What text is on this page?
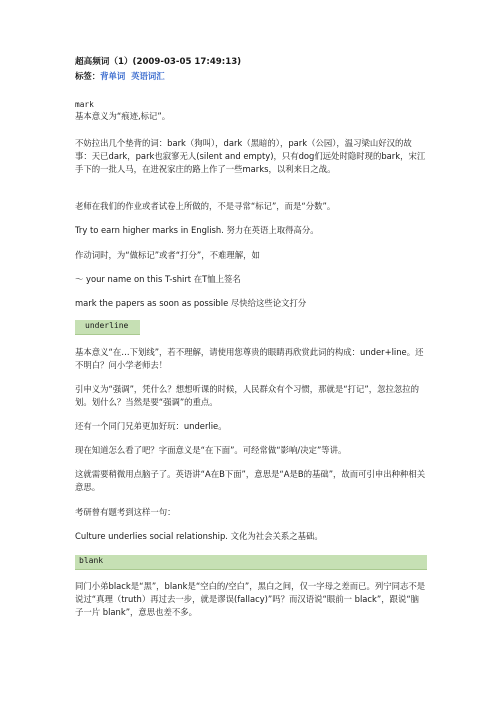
超高频词（1）(2009-03-05 17:49:13)
标签：背单词 英语词汇
mark
基本意义为“痕迹,标记”。
不妨拉出几个垫背的词：bark（狗叫），dark（黑暗的），park（公园），温习梁山好汉的故事：天已dark，park也寂寥无人(silent and empty)，只有dog们远处时隐时现的bark，宋江手下的一批人马，在进祝家庄的路上作了一些marks，以利来日之战。
老师在我们的作业或者试卷上所做的，不是寻常“标记”，而是“分数”。
Try to earn higher marks in English. 努力在英语上取得高分。
作动词时，为“做标记”或者“打分”，不难理解，如
～ your name on this T-shirt 在T恤上签名
mark the papers as soon as possible 尽快给这些论文打分
underline
基本意义“在…下划线”，若不理解，请使用您尊贵的眼睛再欣赏此词的构成：under+line。还不明白？问小学老师去！
引申义为“强调”，凭什么？想想听课的时候，人民群众有个习惯，那就是“打记”，忽拉忽拉的划。划什么？当然是要“强调”的重点。
还有一个同门兄弟更加好玩：underlie。
现在知道怎么看了吧？字面意义是“在下面”。可经常做“影响/决定”等讲。
这就需要稍微用点脑子了。英语讲“A在B下面”，意思是“A是B的基础”，故而可引申出种种相关意思。
考研曾有题考到这样一句：
Culture underlies social relationship. 文化为社会关系之基础。
blank
同门小弟black是“黑”，blank是“空白的/空白”，黑白之间，仅一字母之差而已。列宁同志不是说过“真理（truth）再过去一步，就是谬误(fallacy)”吗？而汉语说“眼前一 black”，跟说“脑子一片 blank”，意思也差不多。
